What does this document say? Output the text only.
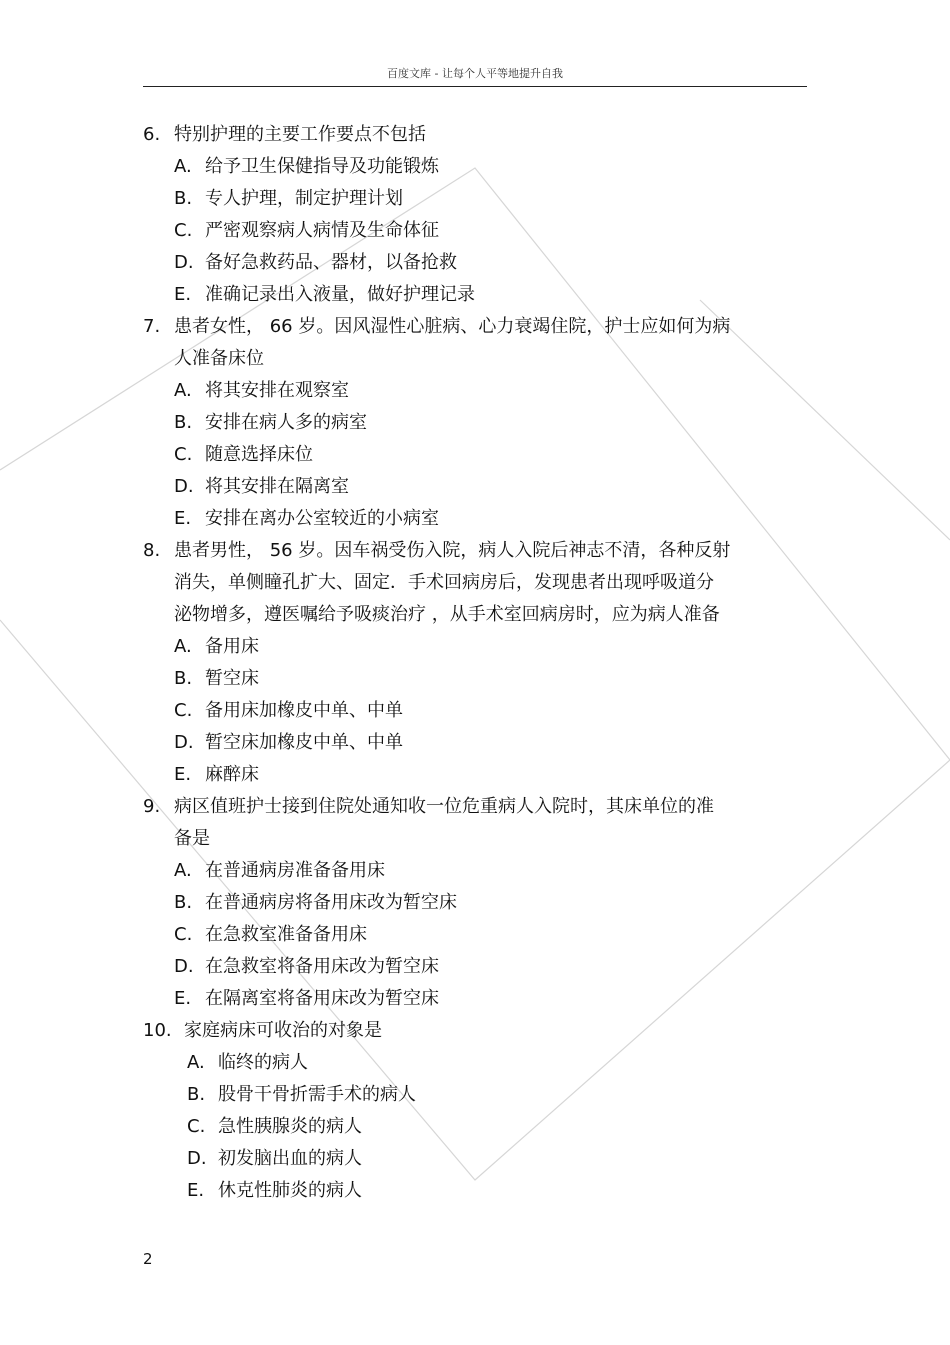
百度文库 - 让每个人平等地提升自我
6. 特别护理的主要工作要点不包括
A. 给予卫生保健指导及功能锻炼
B. 专人护理，制定护理计划
C. 严密观察病人病情及生命体征
D. 备好急救药品、器材，以备抢救
E. 准确记录出入液量，做好护理记录
7. 患者女性， 66 岁。因风湿性心脏病、心力衰竭住院，护士应如何为病
人准备床位
A. 将其安排在观察室
B. 安排在病人多的病室
C. 随意选择床位
D. 将其安排在隔离室
E. 安排在离办公室较近的小病室
8. 患者男性， 56 岁。因车祸受伤入院，病人入院后神志不清，各种反射
消失，单侧瞳孔扩大、固定．手术回病房后，发现患者出现呼吸道分
泌物增多，遵医嘱给予吸痰治疗 ，从手术室回病房时，应为病人准备
A. 备用床
B. 暂空床
C. 备用床加橡皮中单、中单
D. 暂空床加橡皮中单、中单
E. 麻醉床
9. 病区值班护士接到住院处通知收一位危重病人入院时，其床单位的准
备是
A. 在普通病房准备备用床
B. 在普通病房将备用床改为暂空床
C. 在急救室准备备用床
D. 在急救室将备用床改为暂空床
E. 在隔离室将备用床改为暂空床
10. 家庭病床可收治的对象是
A. 临终的病人
B. 股骨干骨折需手术的病人
C. 急性胰腺炎的病人
D. 初发脑出血的病人
E. 休克性肺炎的病人
2
